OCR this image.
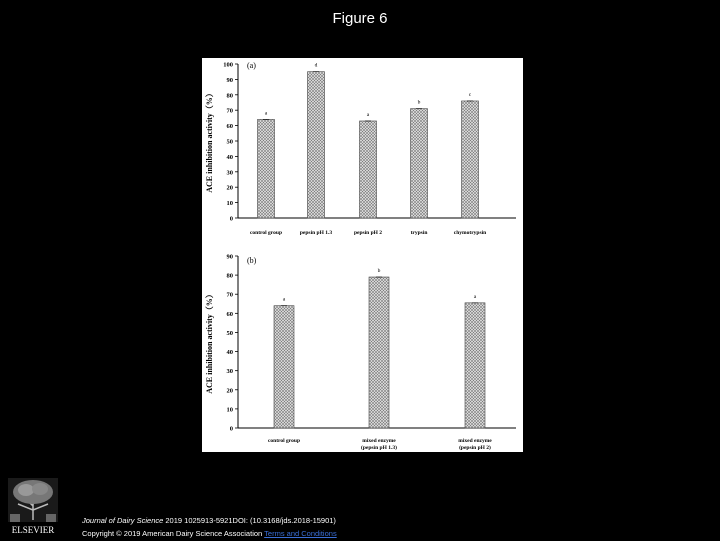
Figure 6
0
10
20
30
40
50
60
70
80
90
100
ACE inhibition activity（%）
(a)
a
control group
d
pepsin pH 1.3
a
pepsin pH 2
b
trypsin
c
chymotrypsin
0
10
20
30
40
50
60
70
80
90
ACE inhibition activity（%）
(b)
a
control group
b
mixed enzyme
(pepsin pH 1.3)
a
mixed enzyme
(pepsin pH 2)
ELSEVIER
Journal of Dairy Science 2019 1025913-5921DOI: (10.3168/jds.2018-15901)
Copyright © 2019 American Dairy Science Association Terms and Conditions
